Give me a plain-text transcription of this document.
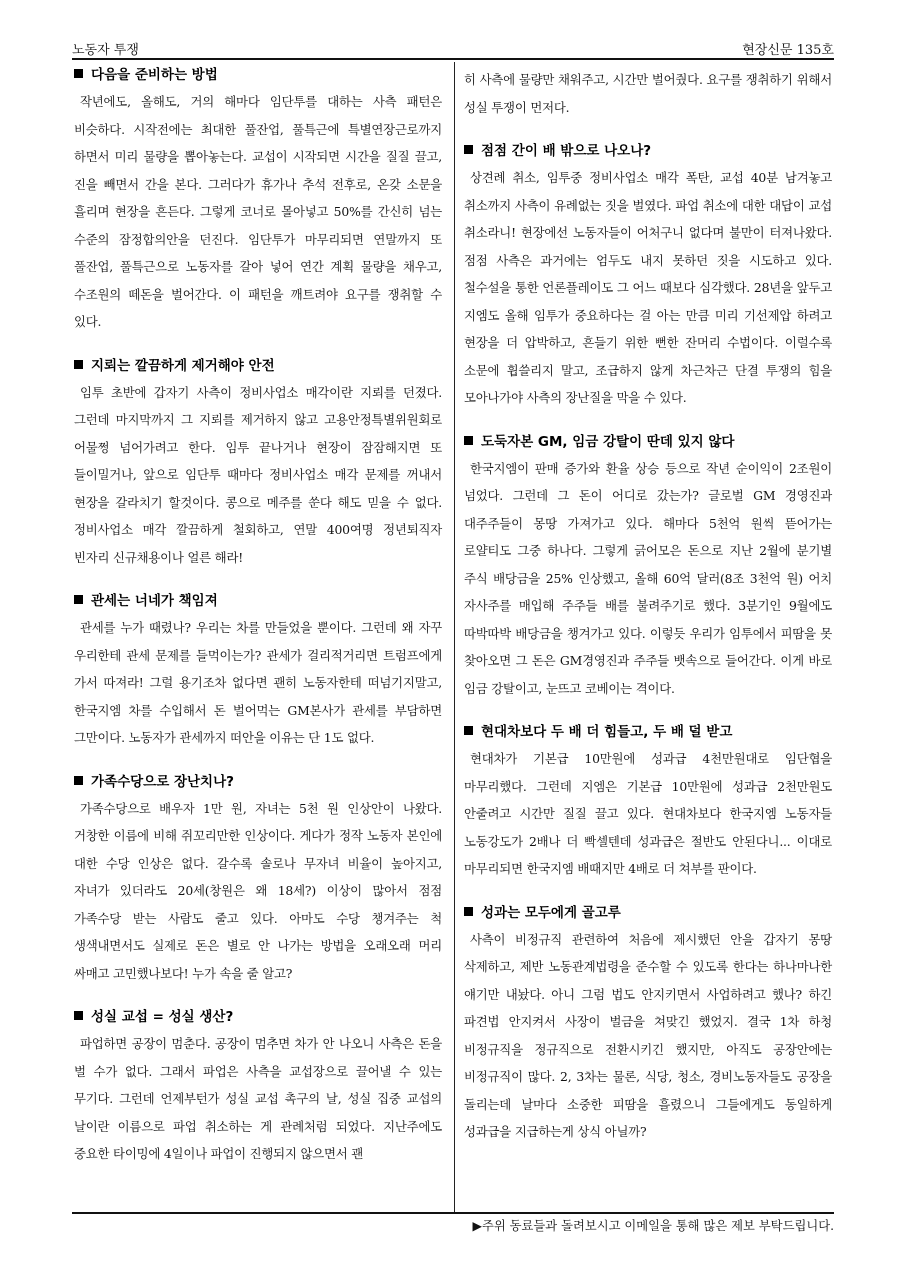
노동자 투쟁	현장신문 135호
다음을 준비하는 방법

작년에도, 올해도, 거의 해마다 임단투를 대하는 사측 패턴은 비슷하다. 시작전에는 최대한 풀잔업, 풀특근에 특별연장근로까지 하면서 미리 물량을 뽑아놓는다. 교섭이 시작되면 시간을 질질 끌고, 진을 빼면서 간을 본다. 그러다가 휴가나 추석 전후로, 온갖 소문을 흘리며 현장을 흔든다. 그렇게 코너로 몰아넣고 50%를 간신히 넘는 수준의 잠정합의안을 던진다. 임단투가 마무리되면 연말까지 또 풀잔업, 풀특근으로 노동자를 갈아 넣어 연간 계획 물량을 채우고, 수조원의 떼돈을 벌어간다. 이 패턴을 깨트려야 요구를 쟁취할 수 있다.

지뢰는 깔끔하게 제거해야 안전

임투 초반에 갑자기 사측이 정비사업소 매각이란 지뢰를 던졌다. 그런데 마지막까지 그 지뢰를 제거하지 않고 고용안정특별위원회로 어물쩡 넘어가려고 한다. 임투 끝나거나 현장이 잠잠해지면 또 들이밀거나, 앞으로 임단투 때마다 정비사업소 매각 문제를 꺼내서 현장을 갈라치기 할것이다. 콩으로 메주를 쑨다 해도 믿을 수 없다. 정비사업소 매각 깔끔하게 철회하고, 연말 400여명 정년퇴직자 빈자리 신규채용이나 얼른 해라!

관세는 너네가 책임져

관세를 누가 때렸나? 우리는 차를 만들었을 뿐이다. 그런데 왜 자꾸 우리한테 관세 문제를 들먹이는가? 관세가 걸리적거리면 트럼프에게 가서 따져라! 그럴 용기조차 없다면 괜히 노동자한테 떠넘기지말고, 한국지엠 차를 수입해서 돈 벌어먹는 GM본사가 관세를 부담하면 그만이다. 노동자가 관세까지 떠안을 이유는 단 1도 없다.

가족수당으로 장난치나?

가족수당으로 배우자 1만 원, 자녀는 5천 원 인상안이 나왔다. 거창한 이름에 비해 쥐꼬리만한 인상이다. 게다가 정작 노동자 본인에 대한 수당 인상은 없다. 갈수록 솔로나 무자녀 비율이 높아지고, 자녀가 있더라도 20세(창원은 왜 18세?) 이상이 많아서 점점 가족수당 받는 사람도 줄고 있다. 아마도 수당 챙겨주는 척 생색내면서도 실제로 돈은 별로 안 나가는 방법을 오래오래 머리 싸매고 고민했나보다! 누가 속을 줄 알고?

성실 교섭 = 성실 생산?

파업하면 공장이 멈춘다. 공장이 멈추면 차가 안 나오니 사측은 돈을 벌 수가 없다. 그래서 파업은 사측을 교섭장으로 끌어낼 수 있는 무기다. 그런데 언제부턴가 성실 교섭 촉구의 날, 성실 집중 교섭의 날이란 이름으로 파업 취소하는 게 관례처럼 되었다. 지난주에도 중요한 타이밍에 4일이나 파업이 진행되지 않으면서 괜

히 사측에 물량만 채워주고, 시간만 벌어줬다. 요구를 쟁취하기 위해서 성실 투쟁이 먼저다.

점점 간이 배 밖으로 나오나?

상견례 취소, 임투중 정비사업소 매각 폭탄, 교섭 40분 남겨놓고 취소까지 사측이 유례없는 짓을 벌였다. 파업 취소에 대한 대답이 교섭 취소라니! 현장에선 노동자들이 어처구니 없다며 불만이 터져나왔다. 점점 사측은 과거에는 엄두도 내지 못하던 짓을 시도하고 있다. 철수설을 통한 언론플레이도 그 어느 때보다 심각했다. 28년을 앞두고 지엠도 올해 임투가 중요하다는 걸 아는 만큼 미리 기선제압 하려고 현장을 더 압박하고, 흔들기 위한 뻔한 잔머리 수법이다. 이럴수록 소문에 휩쓸리지 말고, 조급하지 않게 차근차근 단결 투쟁의 힘을 모아나가야 사측의 장난질을 막을 수 있다.

도둑자본 GM, 임금 강탈이 딴데 있지 않다

한국지엠이 판매 증가와 환율 상승 등으로 작년 순이익이 2조원이 넘었다. 그런데 그 돈이 어디로 갔는가? 글로벌 GM 경영진과 대주주들이 몽땅 가져가고 있다. 해마다 5천억 원씩 뜯어가는 로얄티도 그중 하나다. 그렇게 긁어모은 돈으로 지난 2월에 분기별 주식 배당금을 25% 인상했고, 올해 60억 달러(8조 3천억 원) 어치 자사주를 매입해 주주들 배를 불려주기로 했다. 3분기인 9월에도 따박따박 배당금을 챙겨가고 있다. 이렇듯 우리가 임투에서 피땀을 못 찾아오면 그 돈은 GM경영진과 주주들 뱃속으로 들어간다. 이게 바로 임금 강탈이고, 눈뜨고 코베이는 격이다.

현대차보다 두 배 더 힘들고, 두 배 덜 받고

현대차가 기본급 10만원에 성과급 4천만원대로 임단협을 마무리했다. 그런데 지엠은 기본급 10만원에 성과급 2천만원도 안줄려고 시간만 질질 끌고 있다. 현대차보다 한국지엠 노동자들 노동강도가 2배나 더 빡셀텐데 성과급은 절반도 안된다니... 이대로 마무리되면 한국지엠 배때지만 4배로 더 쳐부를 판이다.

성과는 모두에게 골고루

사측이 비정규직 관련하여 처음에 제시했던 안을 갑자기 몽땅 삭제하고, 제반 노동관계법령을 준수할 수 있도록 한다는 하나마나한 얘기만 내놨다. 아니 그럼 법도 안지키면서 사업하려고 했나? 하긴 파견법 안지켜서 사장이 벌금을 쳐맞긴 했었지. 결국 1차 하청 비정규직을 정규직으로 전환시키긴 했지만, 아직도 공장안에는 비정규직이 많다. 2, 3차는 물론, 식당, 청소, 경비노동자들도 공장을 돌리는데 날마다 소중한 피땀을 흘렸으니 그들에게도 동일하게 성과급을 지급하는게 상식 아닐까?

▶주위 동료들과 돌려보시고 이메일을 통해 많은 제보 부탁드립니다.
